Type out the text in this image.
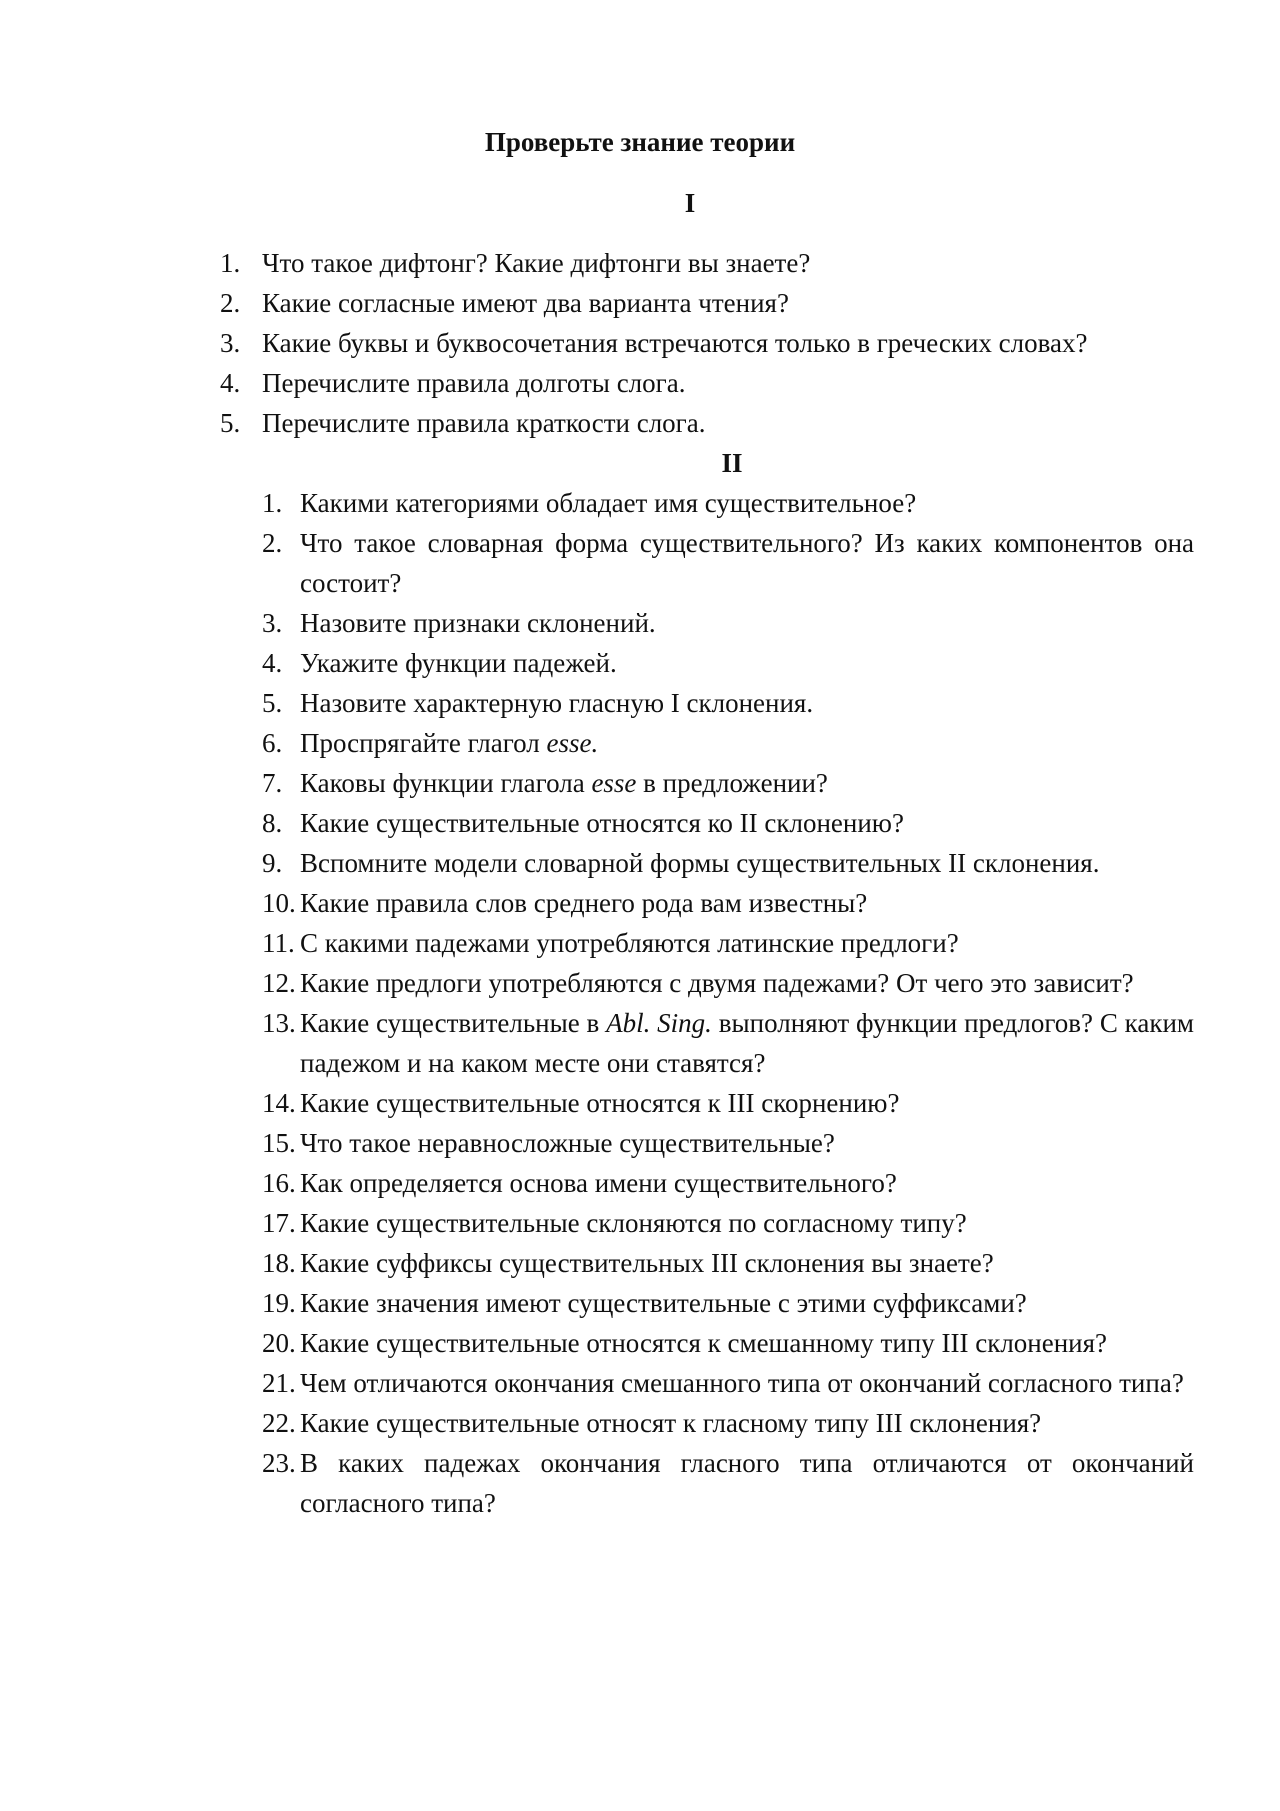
Проверьте знание теории
I
1. Что такое дифтонг? Какие дифтонги вы знаете?
2. Какие согласные имеют два варианта чтения?
3. Какие буквы и буквосочетания встречаются только в греческих словах?
4. Перечислите правила долготы слога.
5. Перечислите правила краткости слога.
II
1. Какими категориями обладает имя существительное?
2. Что такое словарная форма существительного? Из каких компонентов она состоит?
3. Назовите признаки склонений.
4. Укажите функции падежей.
5. Назовите характерную гласную I склонения.
6. Проспрягайте глагол esse.
7. Каковы функции глагола esse в предложении?
8. Какие существительные относятся ко II склонению?
9. Вспомните модели словарной формы существительных II склонения.
10. Какие правила слов среднего рода вам известны?
11. С какими падежами употребляются латинские предлоги?
12. Какие предлоги употребляются с двумя падежами? От чего это зависит?
13. Какие существительные в Abl. Sing. выполняют функции предлогов? С каким падежом и на каком месте они ставятся?
14. Какие существительные относятся к III скорнению?
15. Что такое неравносложные существительные?
16. Как определяется основа имени существительного?
17. Какие существительные склоняются по согласному типу?
18. Какие суффиксы существительных III склонения вы знаете?
19. Какие значения имеют существительные с этими суффиксами?
20. Какие существительные относятся к смешанному типу III склонения?
21. Чем отличаются окончания смешанного типа от окончаний согласного типа?
22. Какие существительные относят к гласному типу III склонения?
23. В каких падежах окончания гласного типа отличаются от окончаний согласного типа?
